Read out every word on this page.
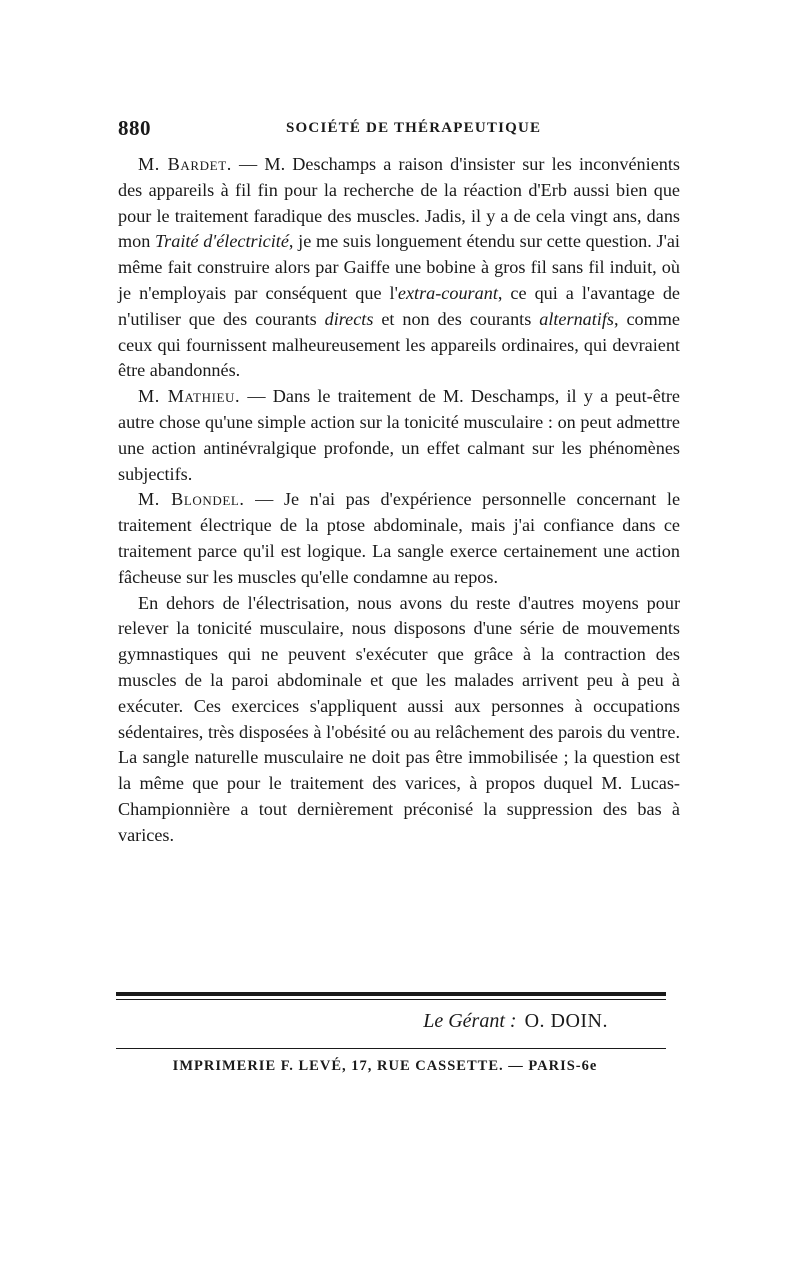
880	SOCIÉTÉ DE THÉRAPEUTIQUE

M. Bardet. — M. Deschamps a raison d'insister sur les inconvénients des appareils à fil fin pour la recherche de la réaction d'Erb aussi bien que pour le traitement faradique des muscles. Jadis, il y a de cela vingt ans, dans mon Traité d'électricité, je me suis longuement étendu sur cette question. J'ai même fait construire alors par Gaiffe une bobine à gros fil sans fil induit, où je n'employais par conséquent que l'extra-courant, ce qui a l'avantage de n'utiliser que des courants directs et non des courants alternatifs, comme ceux qui fournissent malheureusement les appareils ordinaires, qui devraient être abandonnés.

M. Mathieu. — Dans le traitement de M. Deschamps, il y a peut-être autre chose qu'une simple action sur la tonicité musculaire : on peut admettre une action antinévralgique profonde, un effet calmant sur les phénomènes subjectifs.

M. Blondel. — Je n'ai pas d'expérience personnelle concernant le traitement électrique de la ptose abdominale, mais j'ai confiance dans ce traitement parce qu'il est logique. La sangle exerce certainement une action fâcheuse sur les muscles qu'elle condamne au repos.

En dehors de l'électrisation, nous avons du reste d'autres moyens pour relever la tonicité musculaire, nous disposons d'une série de mouvements gymnastiques qui ne peuvent s'exécuter que grâce à la contraction des muscles de la paroi abdominale et que les malades arrivent peu à peu à exécuter. Ces exercices s'appliquent aussi aux personnes à occupations sédentaires, très disposées à l'obésité ou au relâchement des parois du ventre. La sangle naturelle musculaire ne doit pas être immobilisée ; la question est la même que pour le traitement des varices, à propos duquel M. Lucas-Championnière a tout dernièrement préconisé la suppression des bas à varices.

Le Gérant : O. DOIN.
IMPRIMERIE F. LEVÉ, 17, RUE CASSETTE. — PARIS-6e
